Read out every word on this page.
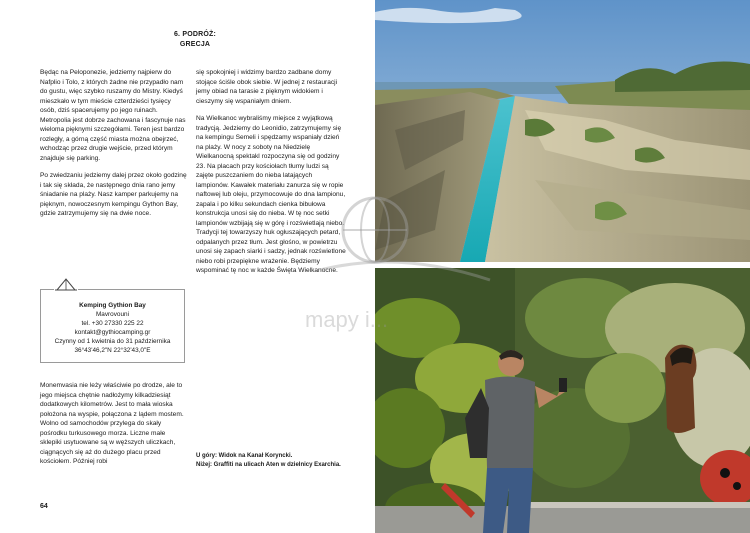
6. PODRÓŻ:
GRECJA

Będąc na Peloponezie, jedziemy najpierw do Nafplio i Tolo, z których żadne nie przypadło nam do gustu, więc szybko ruszamy do Mistry. Kiedyś mieszkało w tym mieście czterdzieści tysięcy osób, dziś spacerujemy po jego ruinach. Metropolia jest dobrze zachowana i fascynuje nas wieloma pięknymi szczegółami. Teren jest bardzo rozległy, a górną część miasta można obejrzeć, wchodząc przez drugie wejście, przed którym znajduje się parking.

Po zwiedzaniu jedziemy dalej przez około godzinę i tak się składa, że następnego dnia rano jemy śniadanie na plaży. Nasz kamper parkujemy na pięknym, nowoczesnym kempingu Gython Bay, gdzie zatrzymujemy się na dwie noce.

Kemping Gythion Bay
Mavrovouni
tel. +30 27330 225 22
kontakt@gythiocamping.gr
Czynny od 1 kwietnia do 31 października
36°43'46,2"N 22°32'43,0"E

Monemvasia nie leży właściwie po drodze, ale to jego miejsca chętnie nadłożymy kilkadziesiąt dodatkowych kilometrów. Jest to mała wioska położona na wyspie, połączona z lądem mostem. Wolno od samochodów przylega do skały pośrodku turkusowego morza. Liczne małe sklepiki usytuowane są w węższych uliczkach, ciągnących się aż do dużego placu przed kościołem. Później robi

się spokojniej i widzimy bardzo zadbane domy stojące ściśle obok siebie. W jednej z restauracji jemy obiad na tarasie z pięknym widokiem i cieszymy się wspaniałym dniem.

Na Wielkanoc wybraliśmy miejsce z wyjątkową tradycją. Jedziemy do Leonidio, zatrzymujemy się na kempingu Semeli i spędzamy wspaniały dzień na plaży. W nocy z soboty na Niedzielę Wielkanocną spektakl rozpoczyna się od godziny 23. Na placach przy kościołach tłumy ludzi są zajęte puszczaniem do nieba latających lampionów. Kawałek materiału zanurza się w ropie naftowej lub oleju, przymocowuje do dna lampionu, zapala i po kilku sekundach cienka bibułowa konstrukcja unosi się do nieba. W tę noc setki lampionów wzbijają się w górę i rozświetlają niebo. Tradycji tej towarzyszy huk ogłuszających petard, odpalanych przez tłum. Jest głośno, w powietrzu unosi się zapach siarki i sadzy, jednak rozświetlone niebo robi przepiękne wrażenie. Będziemy wspominać tę noc w każde Święta Wielkanocne.

U góry: Widok na Kanał Koryncki.
Niżej: Graffiti na ulicach Aten w dzielnicy Exarchia.
64
mapy i...
